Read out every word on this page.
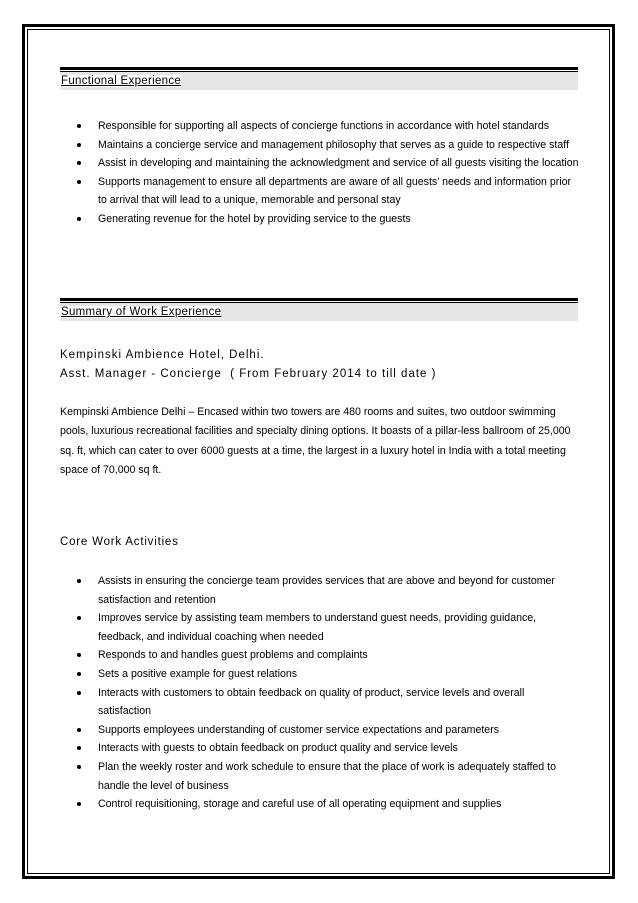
Functional Experience
Responsible for supporting all aspects of concierge functions in accordance with hotel standards
Maintains a concierge service and management philosophy that serves as a guide to respective staff
Assist in developing and maintaining the acknowledgment and service of all guests visiting the location
Supports management to ensure all departments are aware of all guests’ needs and information prior to arrival that will lead to a unique, memorable and personal stay
Generating revenue for the hotel by providing service to the guests
Summary of Work Experience
Kempinski Ambience Hotel, Delhi.
Asst. Manager - Concierge  ( From February 2014 to till date )
Kempinski Ambience Delhi – Encased within two towers are 480 rooms and suites, two outdoor swimming pools, luxurious recreational facilities and specialty dining options. It boasts of a pillar-less ballroom of 25,000 sq. ft, which can cater to over 6000 guests at a time, the largest in a luxury hotel in India with a total meeting space of 70,000 sq ft.
Core Work Activities
Assists in ensuring the concierge team provides services that are above and beyond for customer satisfaction and retention
Improves service by assisting team members to understand guest needs, providing guidance, feedback, and individual coaching when needed
Responds to and handles guest problems and complaints
Sets a positive example for guest relations
Interacts with customers to obtain feedback on quality of product, service levels and overall satisfaction
Supports employees understanding of customer service expectations and parameters
Interacts with guests to obtain feedback on product quality and service levels
Plan the weekly roster and work schedule to ensure that the place of work is adequately staffed to handle the level of business
Control requisitioning, storage and careful use of all operating equipment and supplies
